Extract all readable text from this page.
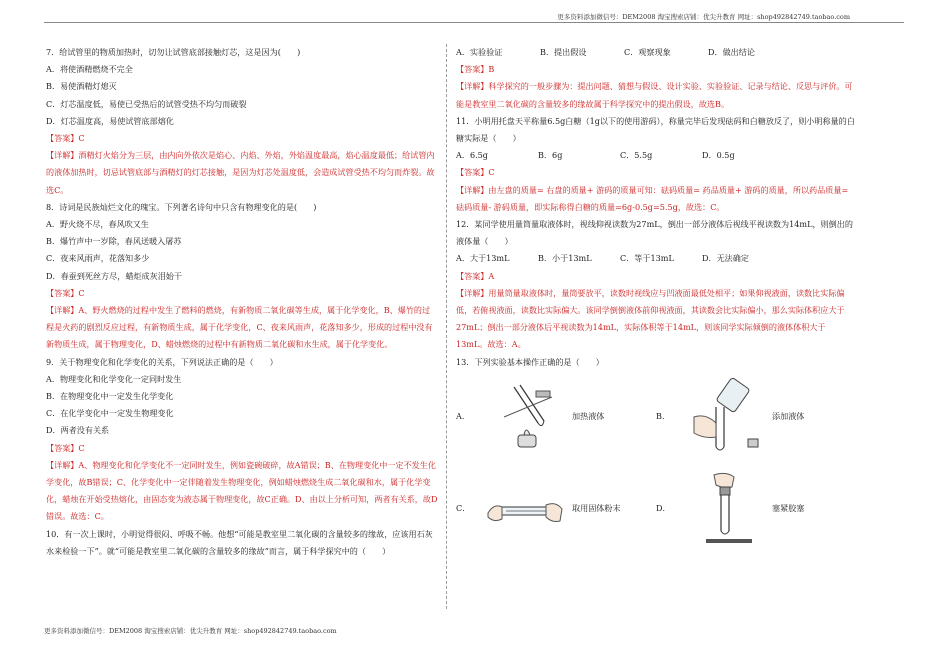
更多资料添加微信号：DEM2008 淘宝搜索店铺：优尖升教育 网址：shop492842749.taobao.com

7．给试管里的物质加热时，切勿让试管底部接触灯芯，这是因为(　　)

A．将使酒精燃烧不完全

B．易使酒精灯熄灭

C．灯芯温度低，易使已受热后的试管受热不均匀而破裂

D．灯芯温度高，易使试管底部熔化

【答案】C

【详解】酒精灯火焰分为三层，由内向外依次是焰心、内焰、外焰，外焰温度最高，焰心温度最低；给试管内的液体加热时，切忌试管底部与酒精灯的灯芯接触，是因为灯芯处温度低，会造成试管受热不均匀而炸裂。故选C。

8．诗词是民族灿烂文化的瑰宝。下列著名诗句中只含有物理变化的是(　　)

A．野火烧不尽，春风吹又生

B．爆竹声中一岁除，春风送暖入屠苏

C．夜来风雨声，花落知多少

D．春蚕到死丝方尽，蜡炬成灰泪始干

【答案】C

【详解】A、野火燃烧的过程中发生了燃料的燃烧，有新物质二氧化碳等生成，属于化学变化，B、爆竹的过程是火药的剧烈反应过程，有新物质生成，属于化学变化，C、夜来风雨声，花落知多少，形成的过程中没有新物质生成，属于物理变化，D、蜡烛燃烧的过程中有新物质二氧化碳和水生成，属于化学变化。

9．关于物理变化和化学变化的关系，下列说法正确的是（　　）

A．物理变化和化学变化一定同时发生

B．在物理变化中一定发生化学变化

C．在化学变化中一定发生物理变化

D．两者没有关系

【答案】C

【详解】A、物理变化和化学变化不一定同时发生，例如瓷碗破碎，故A错误；B、在物理变化中一定不发生化学变化，故B错误；C、化学变化中一定伴随着发生物理变化，例如蜡烛燃烧生成二氧化碳和水，属于化学变化，蜡烛在开始受热熔化，由固态变为液态属于物理变化，故C正确。D、由以上分析可知，两者有关系，故D错误。故选：C。

10．有一次上课时，小明觉得很闷、呼吸不畅。他想“可能是教室里二氧化碳的含量较多的缘故，应该用石灰水来检验一下”。就“可能是教室里二氧化碳的含量较多的缘故”而言，属于科学探究中的（　　）

A．实验验证	B．提出假设	C．观察现象	D．做出结论

【答案】B

【详解】科学探究的一般步骤为：提出问题、猜想与假设、设计实验、实验验证、记录与结论、反思与评价。可能是教室里二氧化碳的含量较多的缘故属于科学探究中的提出假设，故选B。

11．小明用托盘天平称量6.5g白糖（1g以下的使用游码），称量完毕后发现砝码和白糖放反了，则小明称量的白糖实际是（　　）

A．6.5g	B．6g	C．5.5g	D．0.5g

【答案】C

【详解】由左盘的质量= 右盘的质量+ 游码的质量可知：砝码质量= 药品质量+ 游码的质量，所以药品质量= 砝码质量- 游码质量，即实际称得白糖的质量=6g-0.5g=5.5g，故选：C。

12．某同学使用量筒量取液体时，视线仰视读数为27mL，倒出一部分液体后视线平视读数为14mL，则倒出的液体量（　　）

A．大于13mL	B．小于13mL	C．等于13mL	D．无法确定

【答案】A

【详解】用量筒量取液体时，量筒要放平，读数时视线应与凹液面最低处相平；如果仰视液面，读数比实际偏低，若俯视液面，读数比实际偏大。该同学倒倒液体前仰视液面，其读数会比实际偏小，那么实际体积应大于27mL；倒出一部分液体后平视读数为14mL，实际体积等于14mL，则该同学实际倾倒的液体体积大于13mL。故选：A。

13．下列实验基本操作正确的是（　　）

A．	加热液体	B．	添加液体
C．	取用固体粉末	D．	塞紧胶塞
更多资料添加微信号：DEM2008 淘宝搜索店铺：优尖升教育 网址：shop492842749.taobao.com
